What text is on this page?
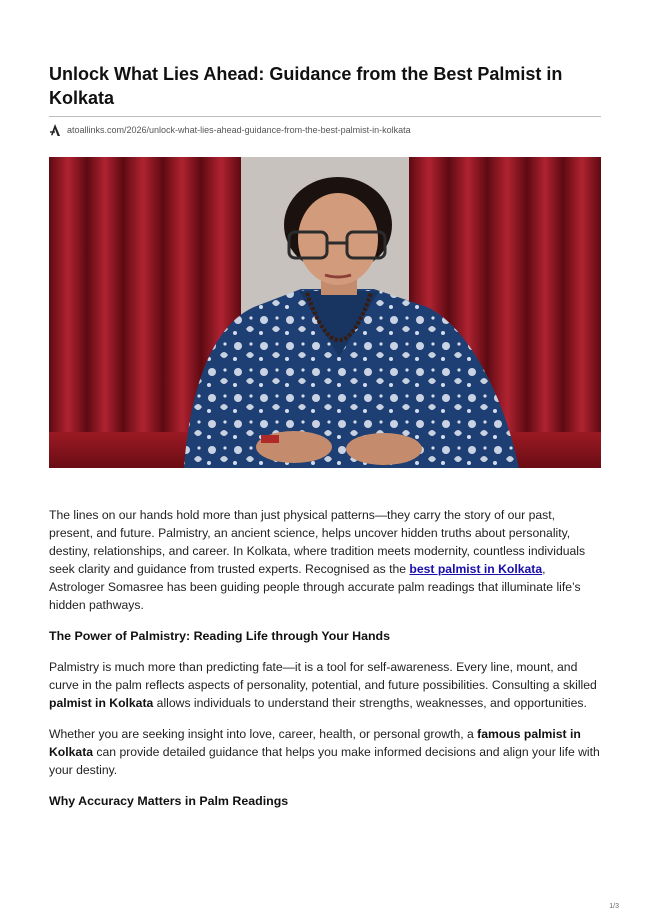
Unlock What Lies Ahead: Guidance from the Best Palmist in Kolkata
atoallinks.com/2026/unlock-what-lies-ahead-guidance-from-the-best-palmist-in-kolkata

The lines on our hands hold more than just physical patterns—they carry the story of our past, present, and future. Palmistry, an ancient science, helps uncover hidden truths about personality, destiny, relationships, and career. In Kolkata, where tradition meets modernity, countless individuals seek clarity and guidance from trusted experts. Recognised as the best palmist in Kolkata, Astrologer Somasree has been guiding people through accurate palm readings that illuminate life’s hidden pathways.

The Power of Palmistry: Reading Life through Your Hands

Palmistry is much more than predicting fate—it is a tool for self-awareness. Every line, mount, and curve in the palm reflects aspects of personality, potential, and future possibilities. Consulting a skilled palmist in Kolkata allows individuals to understand their strengths, weaknesses, and opportunities.

Whether you are seeking insight into love, career, health, or personal growth, a famous palmist in Kolkata can provide detailed guidance that helps you make informed decisions and align your life with your destiny.

Why Accuracy Matters in Palm Readings
1/3
